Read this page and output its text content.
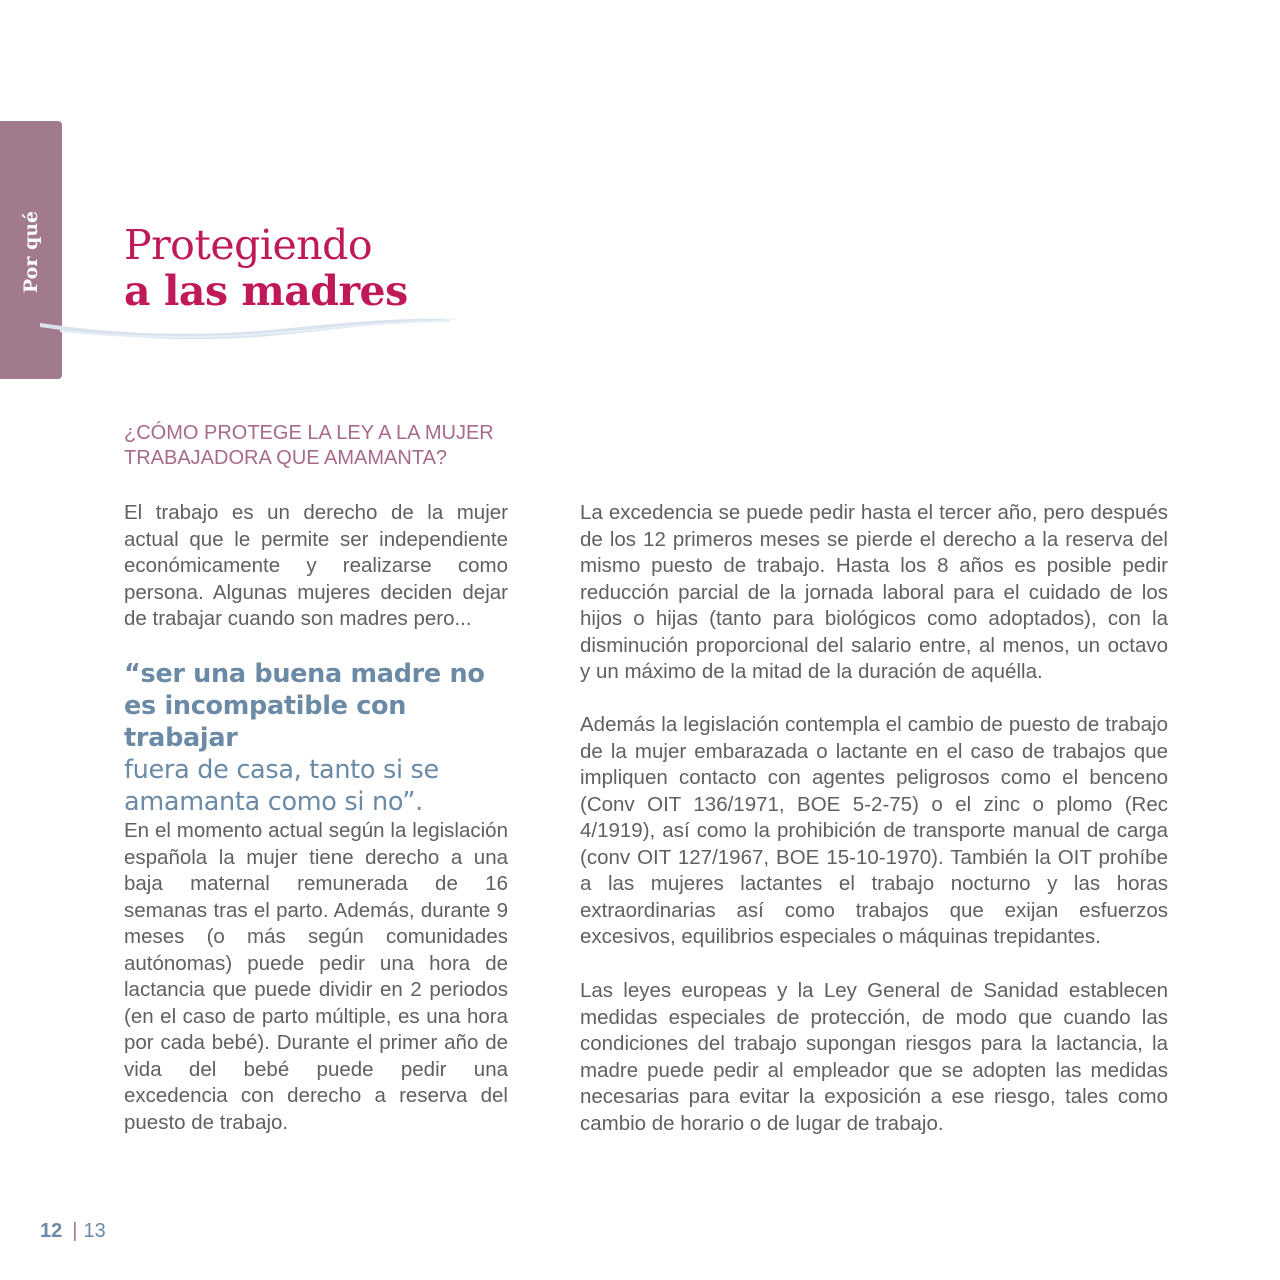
Por qué Protegiendo
a las madres
¿CÓMO PROTEGE LA LEY A LA MUJER
TRABAJADORA QUE AMAMANTA?

El trabajo es un derecho de la mujer actual que le permite ser independiente económicamente y realizarse como persona. Algunas mujeres deciden dejar de trabajar cuando son madres pero...

“ser una buena madre no
es incompatible con trabajar
fuera de casa, tanto si se
amamanta como si no”.

En el momento actual según la legislación española la mujer tiene derecho a una baja maternal remunerada de 16 semanas tras el parto. Además, durante 9 meses (o más según comunidades autónomas) puede pedir una hora de lactancia que puede dividir en 2 periodos (en el caso de parto múltiple, es una hora por cada bebé). Durante el primer año de vida del bebé puede pedir una excedencia con derecho a reserva del puesto de trabajo.

La excedencia se puede pedir hasta el tercer año, pero después de los 12 primeros meses se pierde el derecho a la reserva del mismo puesto de trabajo. Hasta los 8 años es posible pedir reducción parcial de la jornada laboral para el cuidado de los hijos o hijas (tanto para biológicos como adoptados), con la disminución proporcional del salario entre, al menos, un octavo y un máximo de la mitad de la duración de aquélla.

Además la legislación contempla el cambio de puesto de trabajo de la mujer embarazada o lactante en el caso de trabajos que impliquen contacto con agentes peligrosos como el benceno (Conv OIT 136/1971, BOE 5-2-75) o el zinc o plomo (Rec 4/1919), así como la prohibición de transporte manual de carga (conv OIT 127/1967, BOE 15-10-1970). También la OIT prohíbe a las mujeres lactantes el trabajo nocturno y las horas extraordinarias así como trabajos que exijan esfuerzos excesivos, equilibrios especiales o máquinas trepidantes.

Las leyes europeas y la Ley General de Sanidad establecen medidas especiales de protección, de modo que cuando las condiciones del trabajo supongan riesgos para la lactancia, la madre puede pedir al empleador que se adopten las medidas necesarias para evitar la exposición a ese riesgo, tales como cambio de horario o de lugar de trabajo.

12 | 13
